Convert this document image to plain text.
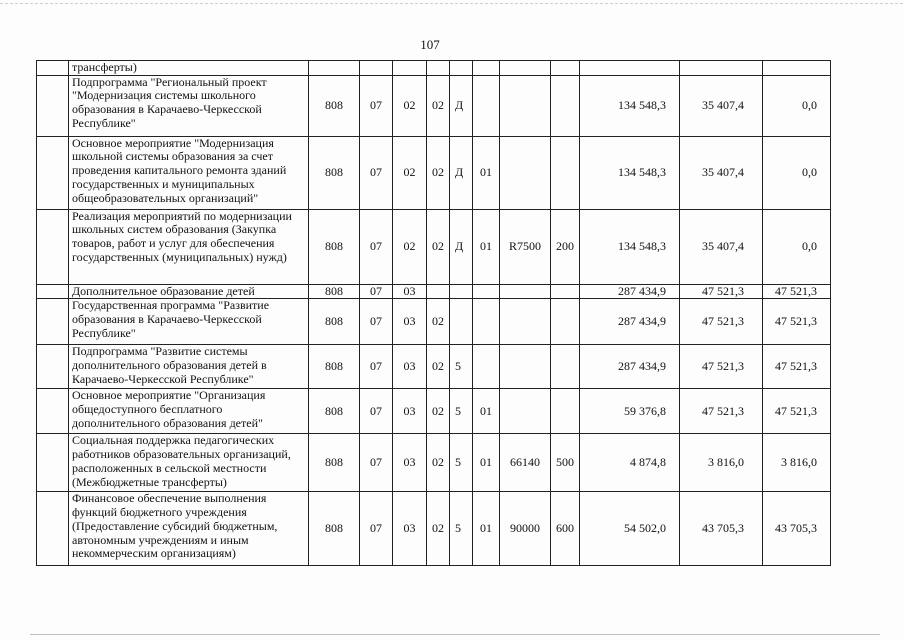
107
	трансферты)											
	Подпрограмма "Региональный проект "Модернизация системы школьного образования в Карачаево-Черкесской Республике"	808	07	02	02	Д				134 548,3	35 407,4	0,0
	Основное мероприятие "Модернизация школьной системы образования за счет проведения капитального ремонта зданий государственных и муниципальных общеобразовательных организаций"	808	07	02	02	Д	01			134 548,3	35 407,4	0,0
	Реализация мероприятий по модернизации школьных систем образования (Закупка товаров, работ и услуг для обеспечения государственных (муниципальных) нужд)	808	07	02	02	Д	01	R7500	200	134 548,3	35 407,4	0,0
	Дополнительное образование детей	808	07	03						287 434,9	47 521,3	47 521,3
	Государственная программа "Развитие образования в Карачаево-Черкесской Республике"	808	07	03	02					287 434,9	47 521,3	47 521,3
	Подпрограмма "Развитие системы дополнительного образования детей в Карачаево-Черкесской Республике"	808	07	03	02	5				287 434,9	47 521,3	47 521,3
	Основное мероприятие "Организация общедоступного бесплатного дополнительного образования детей"	808	07	03	02	5	01			59 376,8	47 521,3	47 521,3
	Социальная поддержка педагогических работников образовательных организаций, расположенных в сельской местности (Межбюджетные трансферты)	808	07	03	02	5	01	66140	500	4 874,8	3 816,0	3 816,0
	Финансовое обеспечение выполнения функций бюджетного учреждения (Предоставление субсидий бюджетным, автономным учреждениям и иным некоммерческим организациям)	808	07	03	02	5	01	90000	600	54 502,0	43 705,3	43 705,3
